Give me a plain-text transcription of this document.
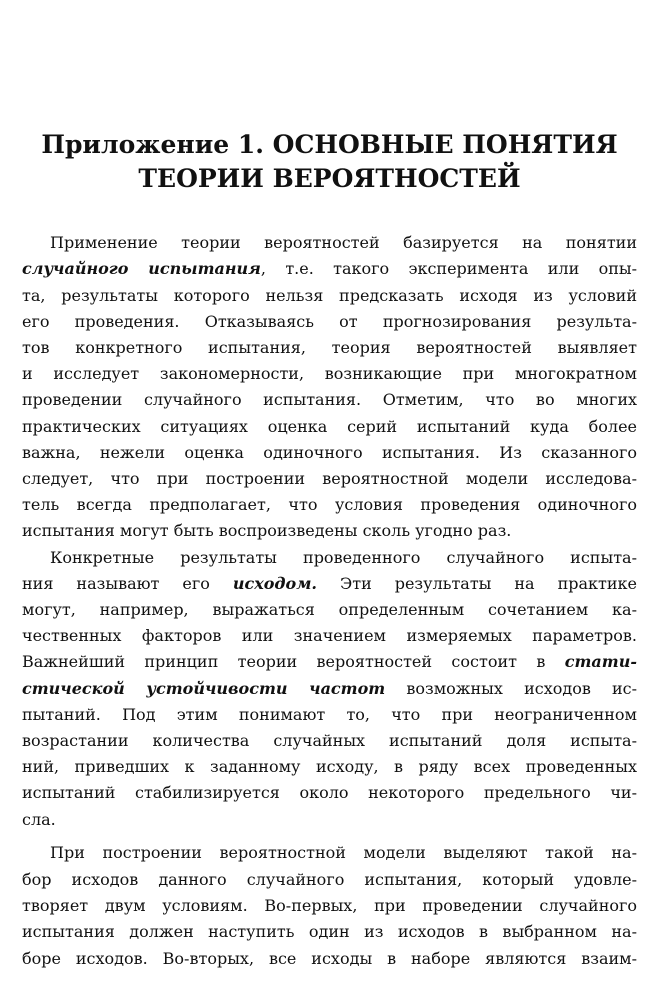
Приложение 1. ОСНОВНЫЕ ПОНЯТИЯ
ТЕОРИИ ВЕРОЯТНОСТЕЙ
Применение теории вероятностей базируется на понятии
случайного испытания, т.е. такого эксперимента или опы-
та, результаты которого нельзя предсказать исходя из условий
его проведения. Отказываясь от прогнозирования результа-
тов конкретного испытания, теория вероятностей выявляет
и исследует закономерности, возникающие при многократном
проведении случайного испытания. Отметим, что во многих
практических ситуациях оценка серий испытаний куда более
важна, нежели оценка одиночного испытания. Из сказанного
следует, что при построении вероятностной модели исследова-
тель всегда предполагает, что условия проведения одиночного
испытания могут быть воспроизведены сколь угодно раз.
Конкретные результаты проведенного случайного испыта-
ния называют его исходом. Эти результаты на практике
могут, например, выражаться определенным сочетанием ка-
чественных факторов или значением измеряемых параметров.
Важнейший принцип теории вероятностей состоит в стати-
стической устойчивости частот возможных исходов ис-
пытаний. Под этим понимают то, что при неограниченном
возрастании количества случайных испытаний доля испыта-
ний, приведших к заданному исходу, в ряду всех проведенных
испытаний стабилизируется около некоторого предельного чи-
сла.
При построении вероятностной модели выделяют такой на-
бор исходов данного случайного испытания, который удовле-
творяет двум условиям. Во-первых, при проведении случайного
испытания должен наступить один из исходов в выбранном на-
боре исходов. Во-вторых, все исходы в наборе являются взаим-
